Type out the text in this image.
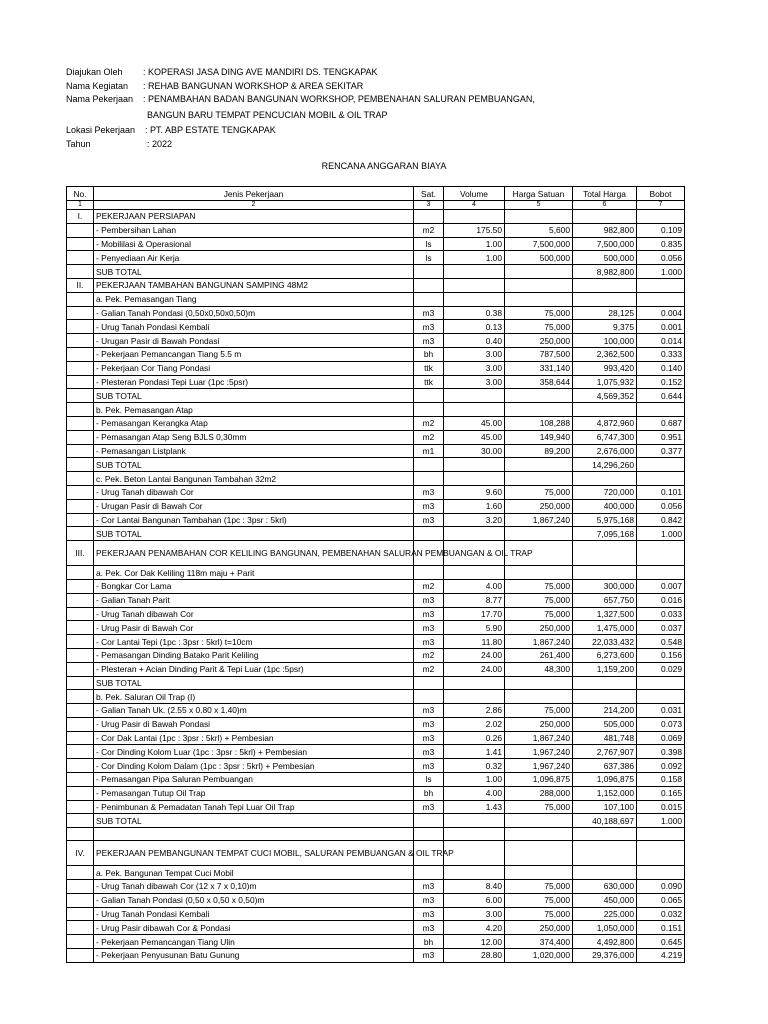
Diajukan Oleh	: KOPERASI JASA DING AVE MANDIRI DS. TENGKAPAK
Nama Kegiatan	: REHAB BANGUNAN WORKSHOP & AREA SEKITAR
Nama Pekerjaan	: PENAMBAHAN BADAN BANGUNAN WORKSHOP, PEMBENAHAN SALURAN PEMBUANGAN,
BANGUN BARU TEMPAT PENCUCIAN MOBIL & OIL TRAP
Lokasi Pekerjaan	: PT. ABP ESTATE TENGKAPAK
Tahun	: 2022
RENCANA ANGGARAN BIAYA
No.	Jenis Pekerjaan	Sat.	Volume	Harga Satuan	Total Harga	Bobot
1	2	3	4	5	6	7
I.	PEKERJAAN PERSIAPAN					
	- Pembersihan Lahan	m2	175.50	5,600	982,800	0.109
	- Mobililasi & Operasional	ls	1.00	7,500,000	7,500,000	0.835
	- Penyediaan Air Kerja	ls	1.00	500,000	500,000	0.056
	SUB TOTAL				8,982,800	1.000
II.	PEKERJAAN TAMBAHAN BANGUNAN SAMPING 48M2					
	a. Pek. Pemasangan Tiang					
	- Galian Tanah Pondasi (0,50x0,50x0,50)m	m3	0.38	75,000	28,125	0.004
	- Urug Tanah Pondasi Kembali	m3	0.13	75,000	9,375	0.001
	- Urugan Pasir di Bawah Pondasi	m3	0.40	250,000	100,000	0.014
	- Pekerjaan Pemancangan Tiang 5.5 m	bh	3.00	787,500	2,362,500	0.333
	- Pekerjaan Cor Tiang Pondasi	ttk	3.00	331,140	993,420	0.140
	- Plesteran Pondasi Tepi Luar (1pc :5psr)	ttk	3.00	358,644	1,075,932	0.152
	SUB TOTAL				4,569,352	0.644
	b. Pek. Pemasangan Atap					
	- Pemasangan Kerangka Atap	m2	45.00	108,288	4,872,960	0.687
	- Pemasangan Atap Seng BJLS 0,30mm	m2	45.00	149,940	6,747,300	0.951
	- Pemasangan Listplank	m1	30.00	89,200	2,676,000	0.377
	SUB TOTAL				14,296,260	
	c. Pek. Beton Lantai Bangunan Tambahan 32m2					
	- Urug Tanah dibawah Cor	m3	9.60	75,000	720,000	0.101
	- Urugan Pasir di Bawah Cor	m3	1.60	250,000	400,000	0.056
	- Cor Lantai Bangunan Tambahan (1pc : 3psr : 5krl)	m3	3.20	1,867,240	5,975,168	0.842
	SUB TOTAL				7,095,168	1.000
III.	PEKERJAAN PENAMBAHAN COR KELILING BANGUNAN, PEMBENAHAN SALURAN PEMBUANGAN & OIL TRAP					
	a. Pek. Cor Dak Keliling 118m maju + Parit					
	- Bongkar Cor Lama	m2	4.00	75,000	300,000	0.007
	- Galian Tanah Parit	m3	8.77	75,000	657,750	0.016
	- Urug Tanah dibawah Cor	m3	17.70	75,000	1,327,500	0.033
	- Urug Pasir di Bawah Cor	m3	5.90	250,000	1,475,000	0.037
	- Cor Lantai Tepi (1pc : 3psr : 5krl) t=10cm	m3	11.80	1,867,240	22,033,432	0.548
	- Pemasangan Dinding Batako Parit Keliling	m2	24.00	261,400	6,273,600	0.156
	- Plesteran + Acian Dinding Parit & Tepi Luar (1pc :5psr)	m2	24.00	48,300	1,159,200	0.029
	SUB TOTAL					
	b. Pek. Saluran Oil Trap (I)					
	- Galian Tanah Uk. (2.55 x 0.80 x 1.40)m	m3	2.86	75,000	214,200	0.031
	- Urug Pasir di Bawah Pondasi	m3	2.02	250,000	505,000	0.073
	- Cor Dak Lantai (1pc : 3psr : 5krl) + Pembesian	m3	0.26	1,867,240	481,748	0.069
	- Cor Dinding Kolom Luar (1pc : 3psr : 5krl) + Pembesian	m3	1.41	1,967,240	2,767,907	0.398
	- Cor Dinding Kolom Dalam (1pc : 3psr : 5krl) + Pembesian	m3	0.32	1,967,240	637,386	0.092
	- Pemasangan Pipa Saluran Pembuangan	ls	1.00	1,096,875	1,096,875	0.158
	- Pemasangan Tutup Oil Trap	bh	4.00	288,000	1,152,000	0.165
	- Penimbunan & Pemadatan Tanah Tepi Luar Oil Trap	m3	1.43	75,000	107,100	0.015
	SUB TOTAL				40,188,697	1.000

IV.	PEKERJAAN PEMBANGUNAN TEMPAT CUCI MOBIL, SALURAN PEMBUANGAN & OIL TRAP					
	a. Pek. Bangunan Tempat Cuci Mobil					
	- Urug Tanah dibawah Cor (12 x 7 x 0,10)m	m3	8.40	75,000	630,000	0.090
	- Galian Tanah Pondasi (0,50 x 0,50 x 0,50)m	m3	6.00	75,000	450,000	0.065
	- Urug Tanah Pondasi Kembali	m3	3.00	75,000	225,000	0.032
	- Urug Pasir dibawah Cor & Pondasi	m3	4.20	250,000	1,050,000	0.151
	- Pekerjaan Pemancangan Tiang Ulin	bh	12.00	374,400	4,492,800	0.645
	- Pekerjaan Penyusunan Batu Gunung	m3	28.80	1,020,000	29,376,000	4.219
